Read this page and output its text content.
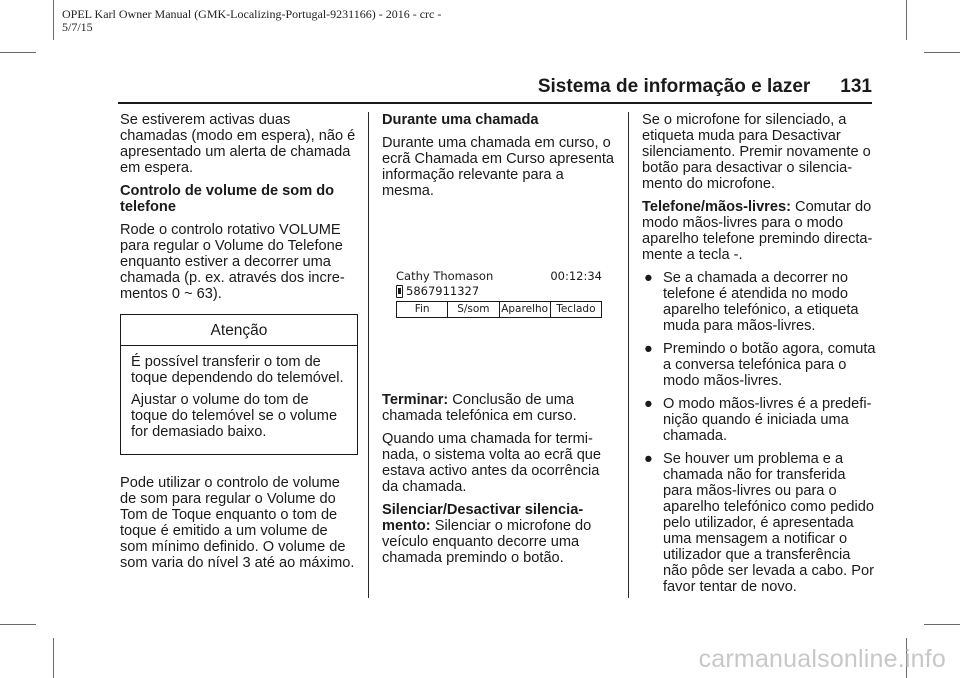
OPEL Karl Owner Manual (GMK-Localizing-Portugal-9231166) - 2016 - crc -
5/7/15
Sistema de informação e lazer 131

Se estiverem activas duas chamadas (modo em espera), não é apresentado um alerta de chamada em espera.

Controlo de volume de som do telefone

Rode o controlo rotativo VOLUME para regular o Volume do Telefone enquanto estiver a decorrer uma chamada (p. ex. através dos incre-mentos 0 ~ 63).

Atenção

É possível transferir o tom de toque dependendo do telemóvel.

Ajustar o volume do tom de toque do telemóvel se o volume for demasiado baixo.

Pode utilizar o controlo de volume de som para regular o Volume do Tom de Toque enquanto o tom de toque é emitido a um volume de som mínimo definido. O volume de som varia do nível 3 até ao máximo.

Durante uma chamada

Durante uma chamada em curso, o ecrã Chamada em Curso apresenta informação relevante para a mesma.

Cathy Thomason	00:12:34
5867911327
Fin	S/som	Aparelho Teclado

Terminar: Conclusão de uma chamada telefónica em curso.

Quando uma chamada for termi-nada, o sistema volta ao ecrã que estava activo antes da ocorrência da chamada.

Silenciar/Desactivar silencia-mento: Silenciar o microfone do veículo enquanto decorre uma chamada premindo o botão.

Se o microfone for silenciado, a etiqueta muda para Desactivar silenciamento. Premir novamente o botão para desactivar o silencia-mento do microfone.

Telefone/mãos-livres: Comutar do modo mãos-livres para o modo aparelho telefone premindo directa-mente a tecla -.

● Se a chamada a decorrer no telefone é atendida no modo aparelho telefónico, a etiqueta muda para mãos-livres.
● Premindo o botão agora, comuta a conversa telefónica para o modo mãos-livres.
● O modo mãos-livres é a predefi-nição quando é iniciada uma chamada.
● Se houver um problema e a chamada não for transferida para mãos-livres ou para o aparelho telefónico como pedido pelo utilizador, é apresentada uma mensagem a notificar o utilizador que a transferência não pôde ser levada a cabo. Por favor tentar de novo.
carmanualsonline.info
